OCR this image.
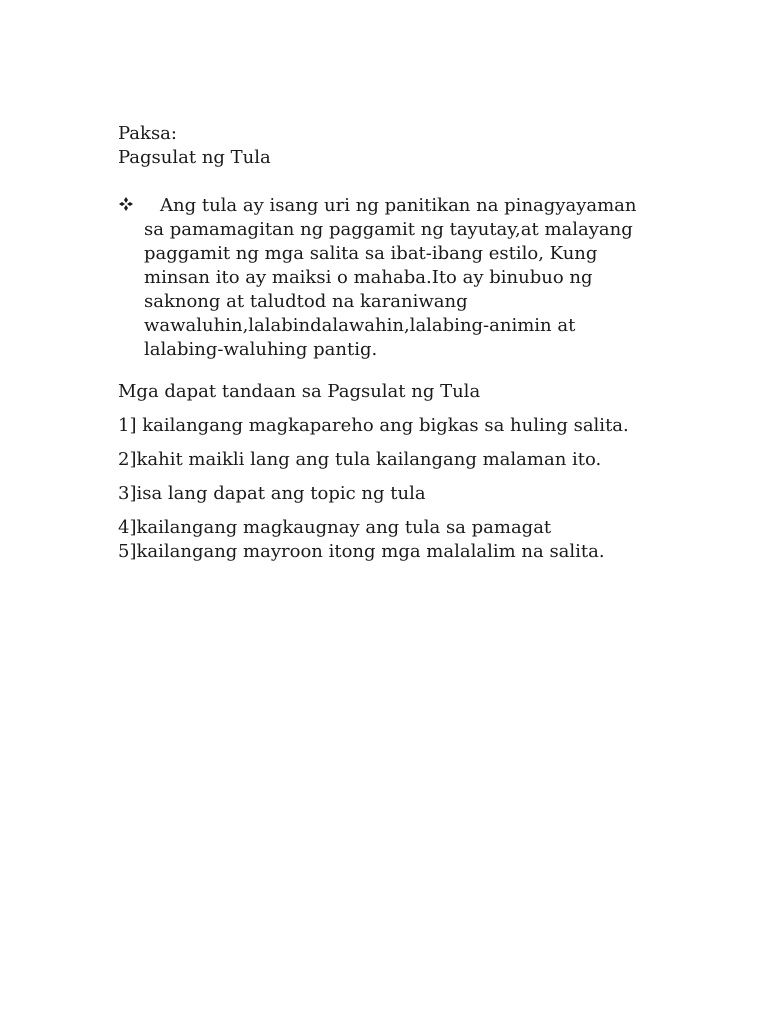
Paksa:
Pagsulat ng Tula
Ang tula ay isang uri ng panitikan na pinagyayaman
sa pamamagitan ng paggamit ng tayutay,at malayang
paggamit ng mga salita sa ibat-ibang estilo, Kung
minsan ito ay maiksi o mahaba.Ito ay binubuo ng
saknong at taludtod na karaniwang
wawaluhin,lalabindalawahin,lalabing-animin at
lalabing-waluhing pantig.
Mga dapat tandaan sa Pagsulat ng Tula
1] kailangang magkapareho ang bigkas sa huling salita.
2]kahit maikli lang ang tula kailangang malaman ito.
3]isa lang dapat ang topic ng tula
4]kailangang magkaugnay ang tula sa pamagat
5]kailangang mayroon itong mga malalalim na salita.
